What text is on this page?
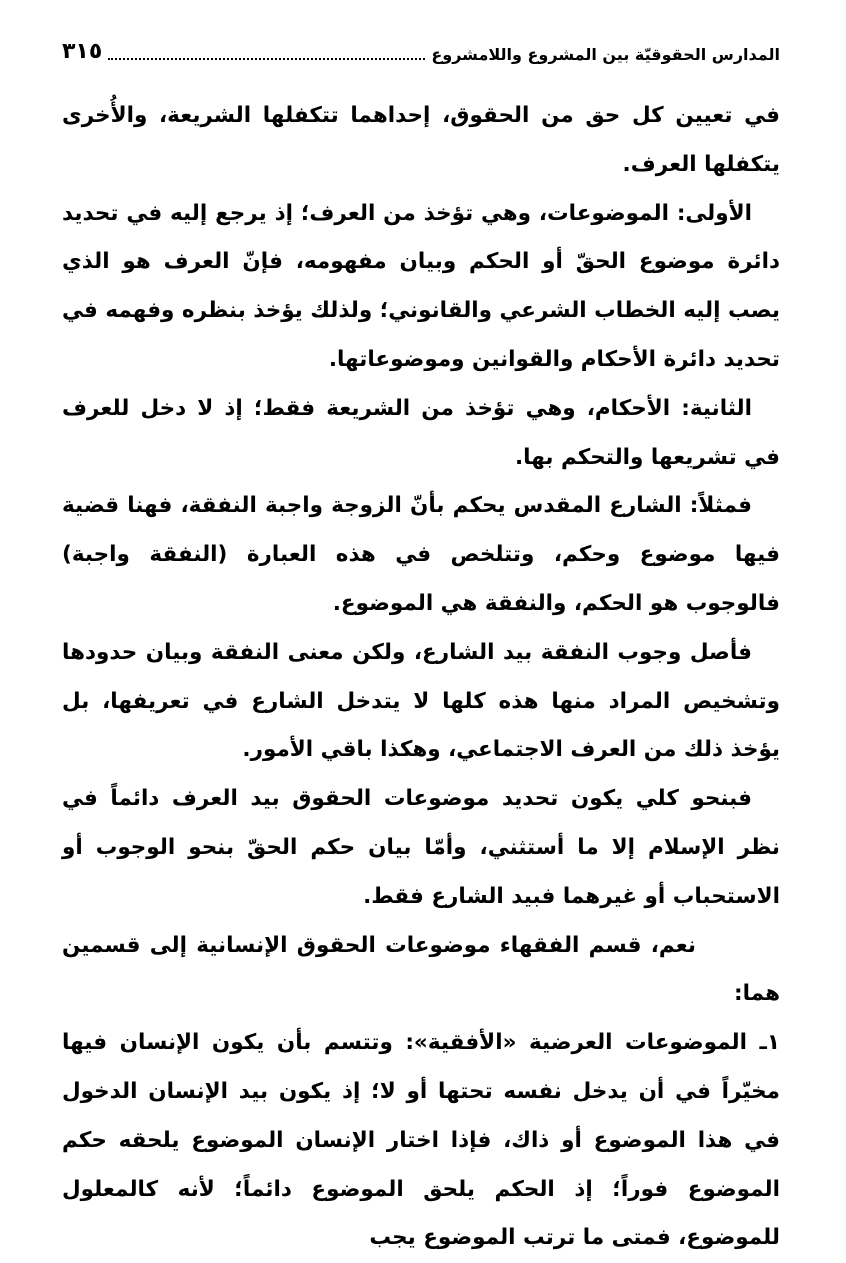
المدارس الحقوقيّة بين المشروع واللامشروع
٣١٥

في تعيين كل حق من الحقوق، إحداهما تتكفلها الشريعة، والأُخرى يتكفلها العرف.

الأولى: الموضوعات، وهي تؤخذ من العرف؛ إذ يرجع إليه في تحديد دائرة موضوع الحقّ أو الحكم وبيان مفهومه، فإنّ العرف هو الذي يصب إليه الخطاب الشرعي والقانوني؛ ولذلك يؤخذ بنظره وفهمه في تحديد دائرة الأحكام والقوانين وموضوعاتها.

الثانية: الأحكام، وهي تؤخذ من الشريعة فقط؛ إذ لا دخل للعرف في تشريعها والتحكم بها.

فمثلاً: الشارع المقدس يحكم بأنّ الزوجة واجبة النفقة، فهنا قضية فيها موضوع وحكم، وتتلخص في هذه العبارة (النفقة واجبة) فالوجوب هو الحكم، والنفقة هي الموضوع.

فأصل وجوب النفقة بيد الشارع، ولكن معنى النفقة وبيان حدودها وتشخيص المراد منها هذه كلها لا يتدخل الشارع في تعريفها، بل يؤخذ ذلك من العرف الاجتماعي، وهكذا باقي الأمور.

فبنحو كلي يكون تحديد موضوعات الحقوق بيد العرف دائماً في نظر الإسلام إلا ما أستثني، وأمّا بيان حكم الحقّ بنحو الوجوب أو الاستحباب أو غيرهما فبيد الشارع فقط.

نعم، قسم الفقهاء موضوعات الحقوق الإنسانية إلى قسمين هما:

١ـ الموضوعات العرضية «الأفقية»: وتتسم بأن يكون الإنسان فيها مخيّراً في أن يدخل نفسه تحتها أو لا؛ إذ يكون بيد الإنسان الدخول في هذا الموضوع أو ذاك، فإذا اختار الإنسان الموضوع يلحقه حكم الموضوع فوراً؛ إذ الحكم يلحق الموضوع دائماً؛ لأنه كالمعلول للموضوع، فمتى ما ترتب الموضوع يجب
